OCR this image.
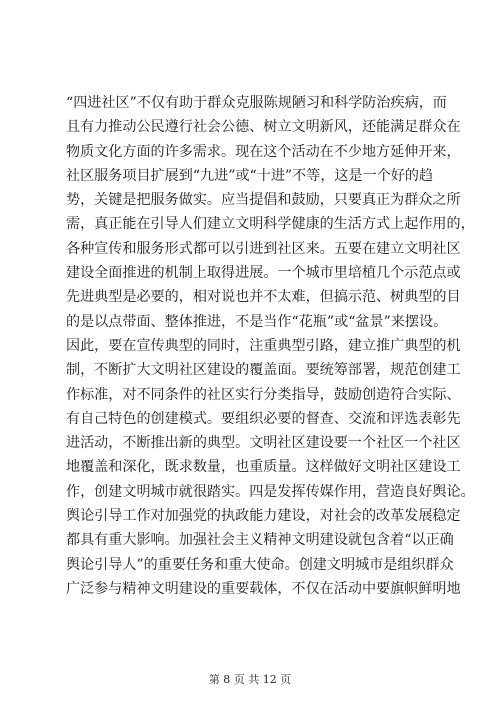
“四进社区”不仅有助于群众克服陈规陋习和科学防治疾病，而
且有力推动公民遵行社会公德、树立文明新风，还能满足群众在
物质文化方面的许多需求。现在这个活动在不少地方延伸开来，
社区服务项目扩展到“九进”或“十进”不等，这是一个好的趋
势，关键是把服务做实。应当提倡和鼓励，只要真正为群众之所
需，真正能在引导人们建立文明科学健康的生活方式上起作用的，
各种宣传和服务形式都可以引进到社区来。五要在建立文明社区
建设全面推进的机制上取得进展。一个城市里培植几个示范点或
先进典型是必要的，相对说也并不太难，但搞示范、树典型的目
的是以点带面、整体推进，不是当作“花瓶”或“盆景”来摆设。
因此，要在宣传典型的同时，注重典型引路，建立推广典型的机
制，不断扩大文明社区建设的覆盖面。要统筹部署，规范创建工
作标准，对不同条件的社区实行分类指导，鼓励创造符合实际、
有自己特色的创建模式。要组织必要的督查、交流和评选表彰先
进活动，不断推出新的典型。文明社区建设要一个社区一个社区
地覆盖和深化，既求数量，也重质量。这样做好文明社区建设工
作，创建文明城市就很踏实。四是发挥传媒作用，营造良好舆论。
舆论引导工作对加强党的执政能力建设，对社会的改革发展稳定
都具有重大影响。加强社会主义精神文明建设就包含着“以正确
舆论引导人”的重要任务和重大使命。创建文明城市是组织群众
广泛参与精神文明建设的重要载体，不仅在活动中要旗帜鲜明地
第 8 页 共 12 页
